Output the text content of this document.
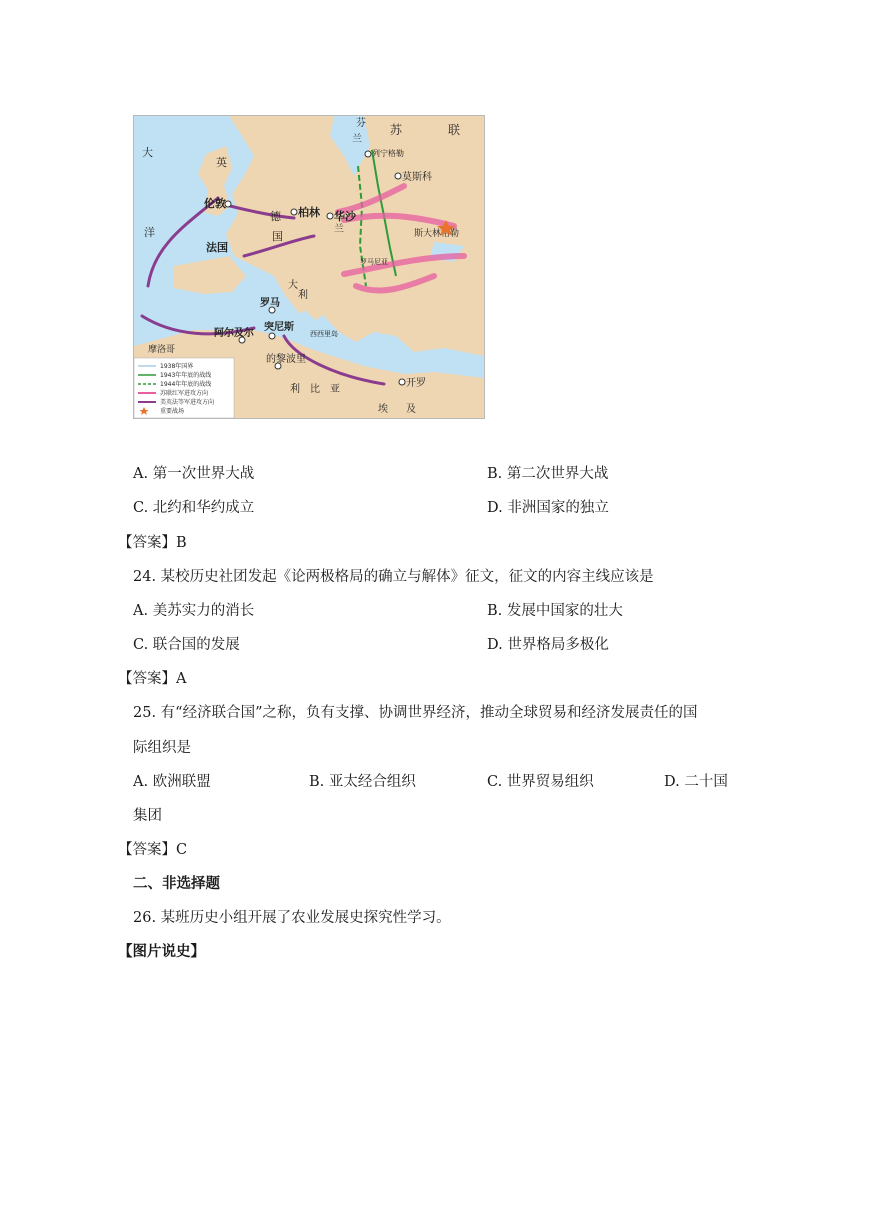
英
伦敦
法国
柏林 华沙
莫斯科
列宁格勒
斯大林格勒
罗马
突尼斯
阿尔及尔
的黎波里
开罗
苏	联
芬
兰
德
国
兰
大
利
大
洋
摩洛哥
利 比 亚
埃 及
罗马尼亚
西西里岛
1938年国界
1943年年底的战线
1944年年底的战线
苏联红军进攻方向
美英法等军进攻方向
重要战场
A. 第一次世界大战	B. 第二次世界大战
C. 北约和华约成立	D. 非洲国家的独立
【答案】B
24. 某校历史社团发起《论两极格局的确立与解体》征文，征文的内容主线应该是
A. 美苏实力的消长	B. 发展中国家的壮大
C. 联合国的发展	D. 世界格局多极化
【答案】A
25. 有“经济联合国”之称，负有支撑、协调世界经济，推动全球贸易和经济发展责任的国
际组织是
A. 欧洲联盟	B. 亚太经合组织	C. 世界贸易组织	D. 二十国
集团
【答案】C
二、非选择题
26. 某班历史小组开展了农业发展史探究性学习。
【图片说史】
